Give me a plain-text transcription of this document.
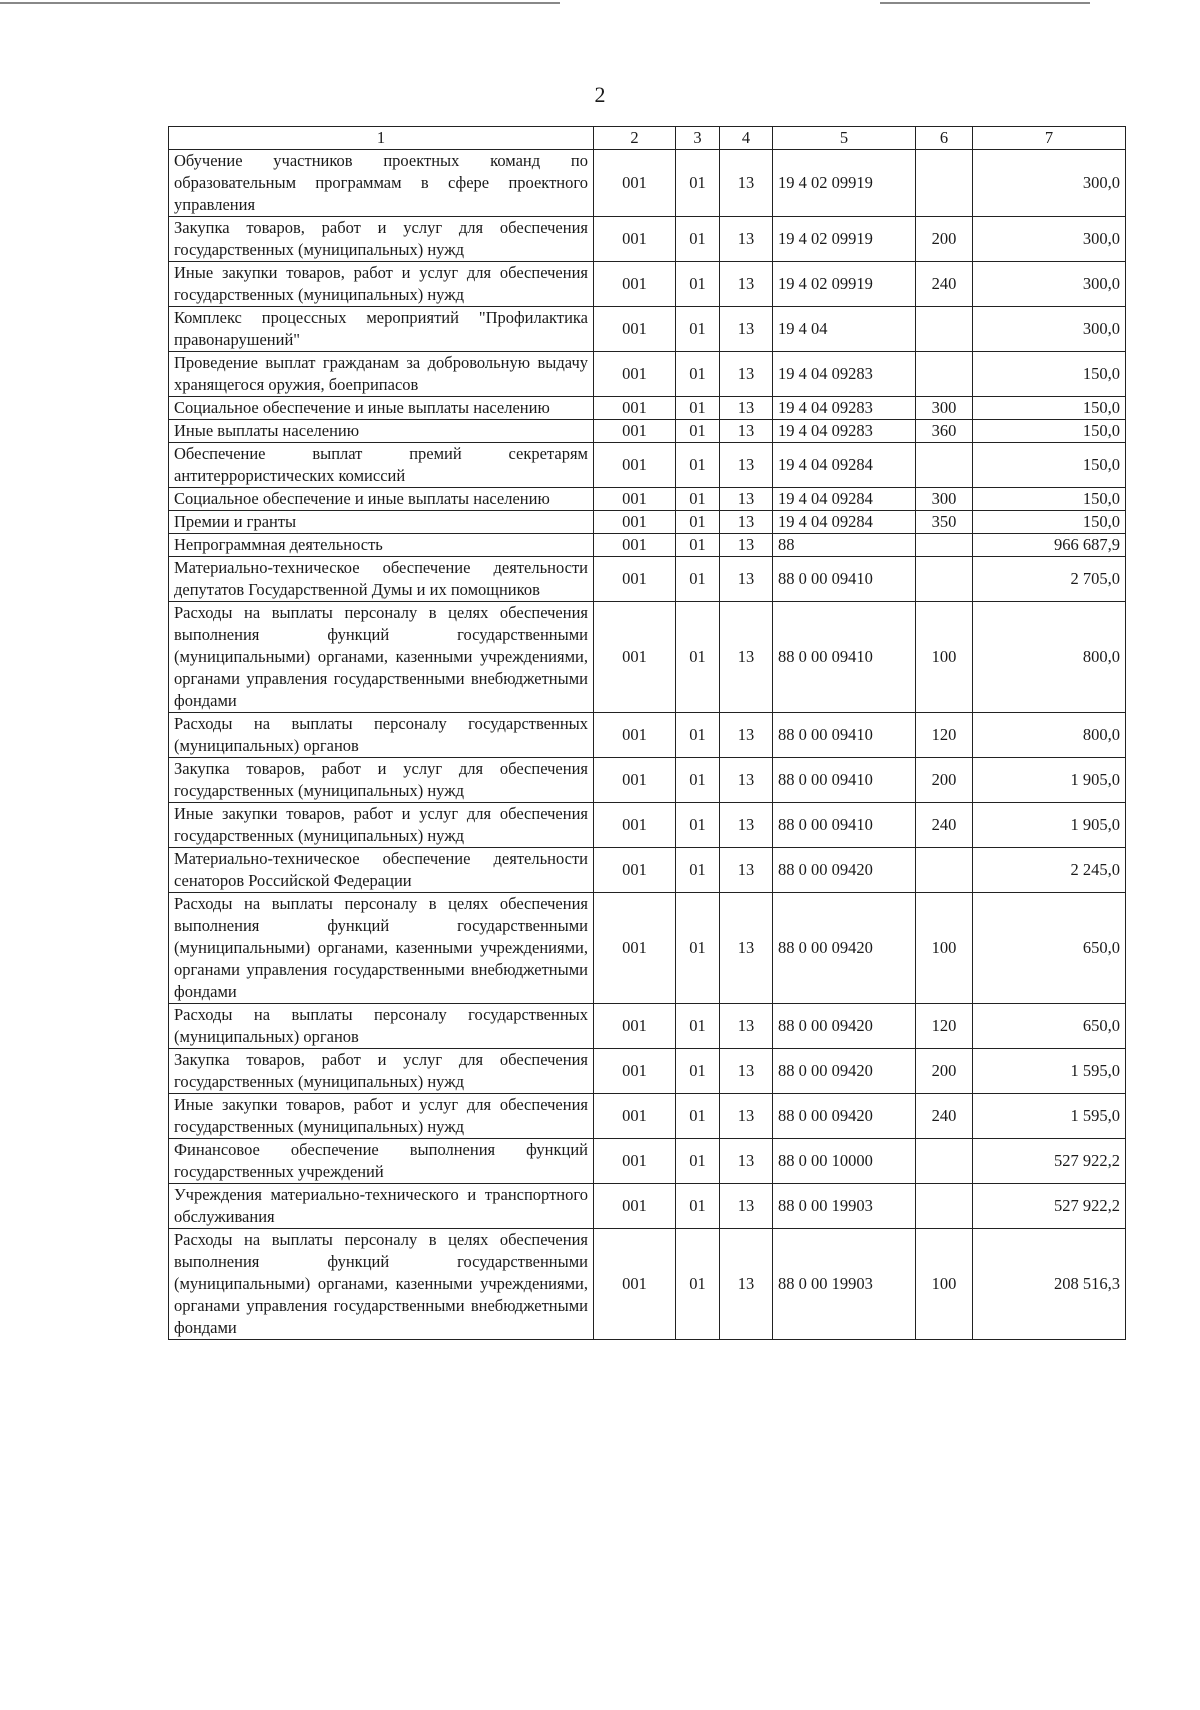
2
1	2	3	4	5	6	7
Обучение участников проектных команд по образовательным программам в сфере проектного управления	001	01	13	19 4 02 09919		300,0
Закупка товаров, работ и услуг для обеспечения государственных (муниципальных) нужд	001	01	13	19 4 02 09919	200	300,0
Иные закупки товаров, работ и услуг для обеспечения государственных (муниципальных) нужд	001	01	13	19 4 02 09919	240	300,0
Комплекс процессных мероприятий "Профилактика правонарушений"	001	01	13	19 4 04		300,0
Проведение выплат гражданам за добровольную выдачу хранящегося оружия, боеприпасов	001	01	13	19 4 04 09283		150,0
Социальное обеспечение и иные выплаты населению	001	01	13	19 4 04 09283	300	150,0
Иные выплаты населению	001	01	13	19 4 04 09283	360	150,0
Обеспечение выплат премий секретарям антитеррористических комиссий	001	01	13	19 4 04 09284		150,0
Социальное обеспечение и иные выплаты населению	001	01	13	19 4 04 09284	300	150,0
Премии и гранты	001	01	13	19 4 04 09284	350	150,0
Непрограммная деятельность	001	01	13	88		966 687,9
Материально-техническое обеспечение деятельности депутатов Государственной Думы и их помощников	001	01	13	88 0 00 09410		2 705,0
Расходы на выплаты персоналу в целях обеспечения выполнения функций государственными (муниципальными) органами, казенными учреждениями, органами управления государственными внебюджетными фондами	001	01	13	88 0 00 09410	100	800,0
Расходы на выплаты персоналу государственных (муниципальных) органов	001	01	13	88 0 00 09410	120	800,0
Закупка товаров, работ и услуг для обеспечения государственных (муниципальных) нужд	001	01	13	88 0 00 09410	200	1 905,0
Иные закупки товаров, работ и услуг для обеспечения государственных (муниципальных) нужд	001	01	13	88 0 00 09410	240	1 905,0
Материально-техническое обеспечение деятельности сенаторов Российской Федерации	001	01	13	88 0 00 09420		2 245,0
Расходы на выплаты персоналу в целях обеспечения выполнения функций государственными (муниципальными) органами, казенными учреждениями, органами управления государственными внебюджетными фондами	001	01	13	88 0 00 09420	100	650,0
Расходы на выплаты персоналу государственных (муниципальных) органов	001	01	13	88 0 00 09420	120	650,0
Закупка товаров, работ и услуг для обеспечения государственных (муниципальных) нужд	001	01	13	88 0 00 09420	200	1 595,0
Иные закупки товаров, работ и услуг для обеспечения государственных (муниципальных) нужд	001	01	13	88 0 00 09420	240	1 595,0
Финансовое обеспечение выполнения функций государственных учреждений	001	01	13	88 0 00 10000		527 922,2
Учреждения материально-технического и транспортного обслуживания	001	01	13	88 0 00 19903		527 922,2
Расходы на выплаты персоналу в целях обеспечения выполнения функций государственными (муниципальными) органами, казенными учреждениями, органами управления государственными внебюджетными фондами	001	01	13	88 0 00 19903	100	208 516,3
